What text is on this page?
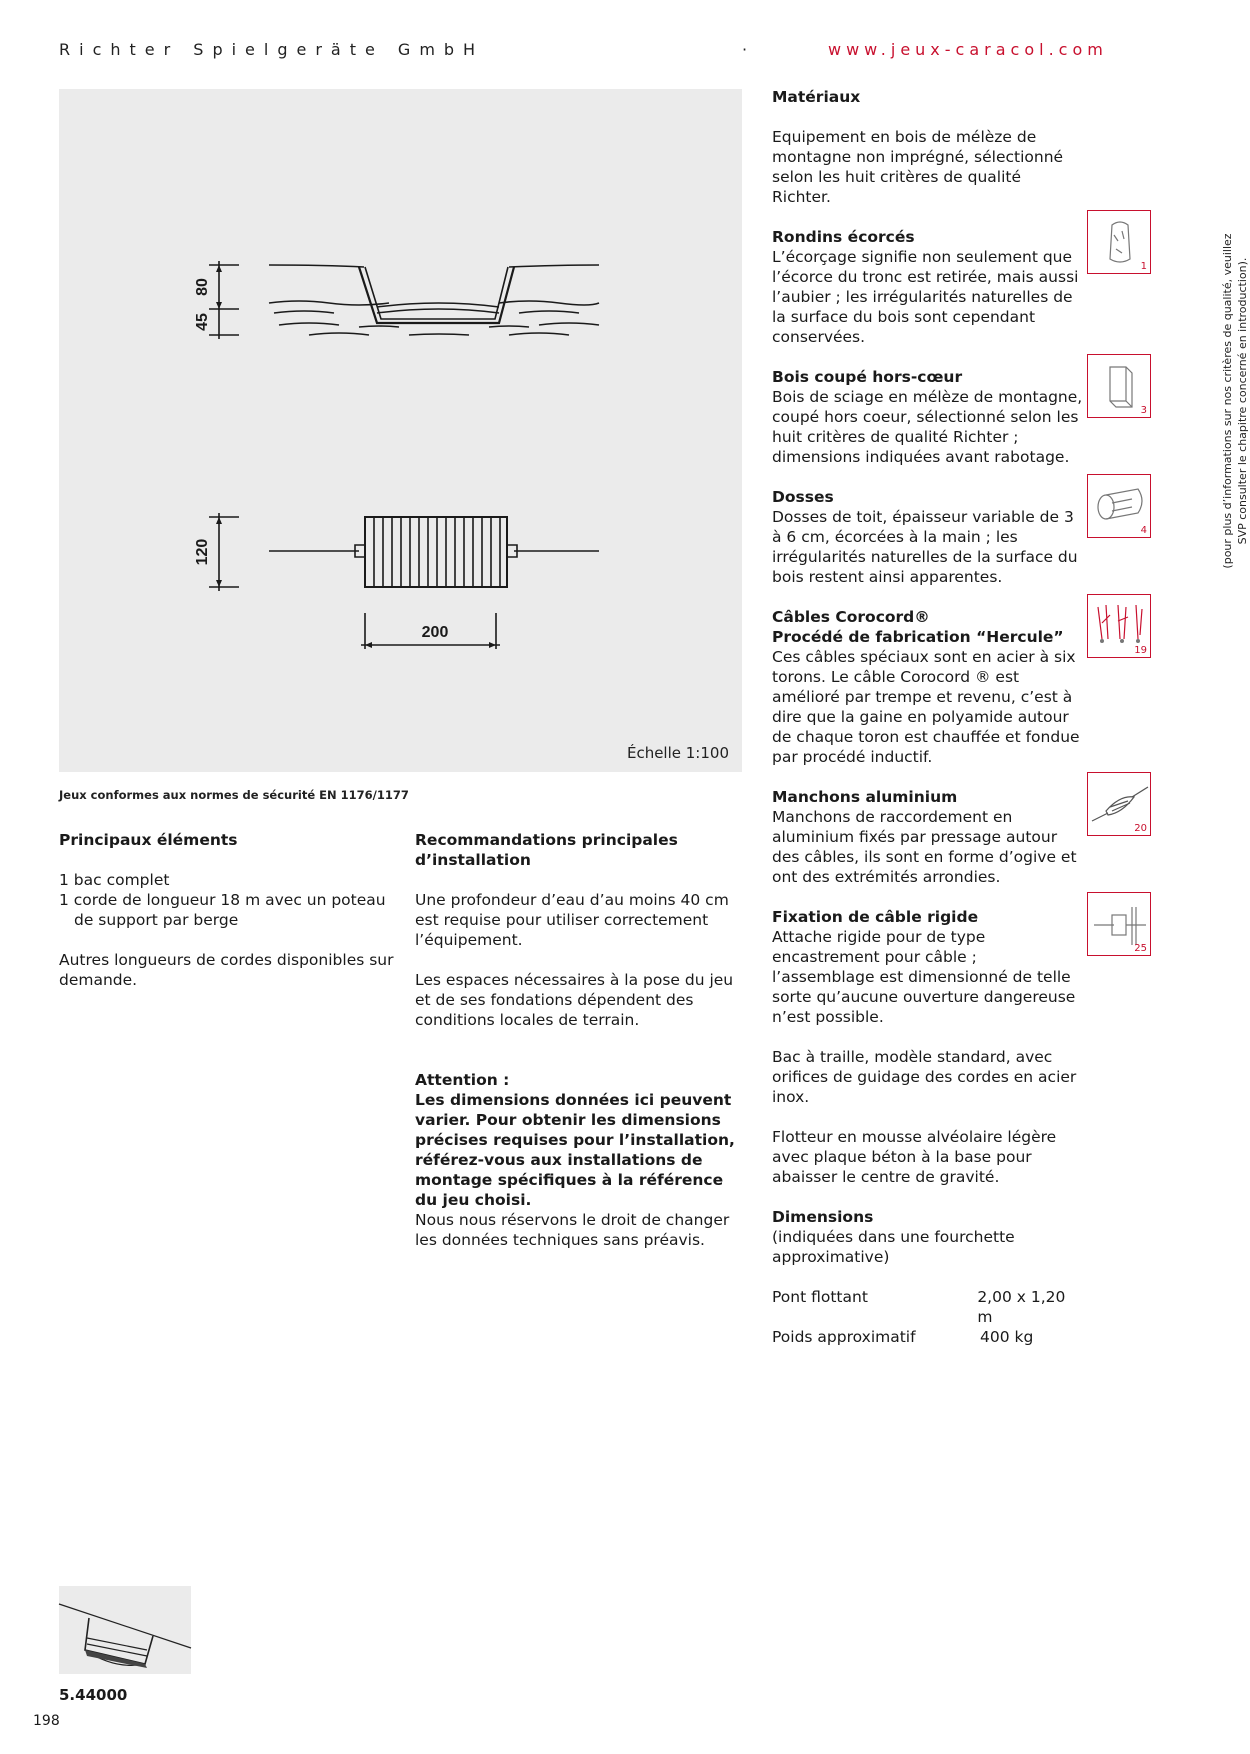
Richter Spielgeräte GmbH	·	www.jeux-caracol.com
80
45
120
200
Échelle 1:100
Jeux conformes aux normes de sécurité EN 1176/1177
Principaux éléments

1 bac complet

1 corde de longueur 18 m avec un poteau

de support par berge

Autres longueurs de cordes disponibles sur demande.

Recommandations principales d’installation

Une profondeur d’eau d’au moins 40 cm est requise pour utiliser correctement l’équipement.

Les espaces nécessaires à la pose du jeu et de ses fondations dépendent des conditions locales de terrain.

Attention :

Les dimensions données ici peuvent varier. Pour obtenir les dimensions précises requises pour l’installation, référez-vous aux installations de montage spécifiques à la référence du jeu choisi.

Nous nous réservons le droit de changer les données techniques sans préavis.

Matériaux

Equipement en bois de mélèze de montagne non imprégné, sélectionné selon les huit critères de qualité Richter.

Rondins écorcés

L’écorçage signifie non seulement que l’écorce du tronc est retirée, mais aussi l’aubier ; les irrégularités naturelles de la surface du bois sont cependant conservées.

Bois coupé hors-cœur

Bois de sciage en mélèze de montagne, coupé hors coeur, sélectionné selon les huit critères de qualité Richter ; dimensions indiquées avant rabotage.

Dosses

Dosses de toit, épaisseur variable de 3 à 6 cm, écorcées à la main ; les irrégularités naturelles de la surface du bois restent ainsi apparentes.

Câbles Corocord®
Procédé de fabrication “Hercule”

Ces câbles spéciaux sont en acier à six torons. Le câble Corocord ® est amélioré par trempe et revenu, c’est à dire que la gaine en polyamide autour de chaque toron est chauffée et fondue par procédé inductif.

Manchons aluminium

Manchons de raccordement en aluminium fixés par pressage autour des câbles, ils sont en forme d’ogive et ont des extrémités arrondies.

Fixation de câble rigide

Attache rigide pour de type encastrement pour câble ; l’assemblage est dimensionné de telle sorte qu’aucune ouverture dangereuse n’est possible.

Bac à traille, modèle standard, avec orifices de guidage des cordes en acier inox.

Flotteur en mousse alvéolaire légère avec plaque béton à la base pour abaisser le centre de gravité.

Dimensions

(indiquées dans une fourchette approximative)

Pont flottant	2,00 x 1,20 m
Poids approximatif	400 kg
1
3
4
19
20
25
(pour plus d’informations sur nos critères de qualité, veuillez SVP consulter le chapitre concerné en introduction).
5.44000
198
